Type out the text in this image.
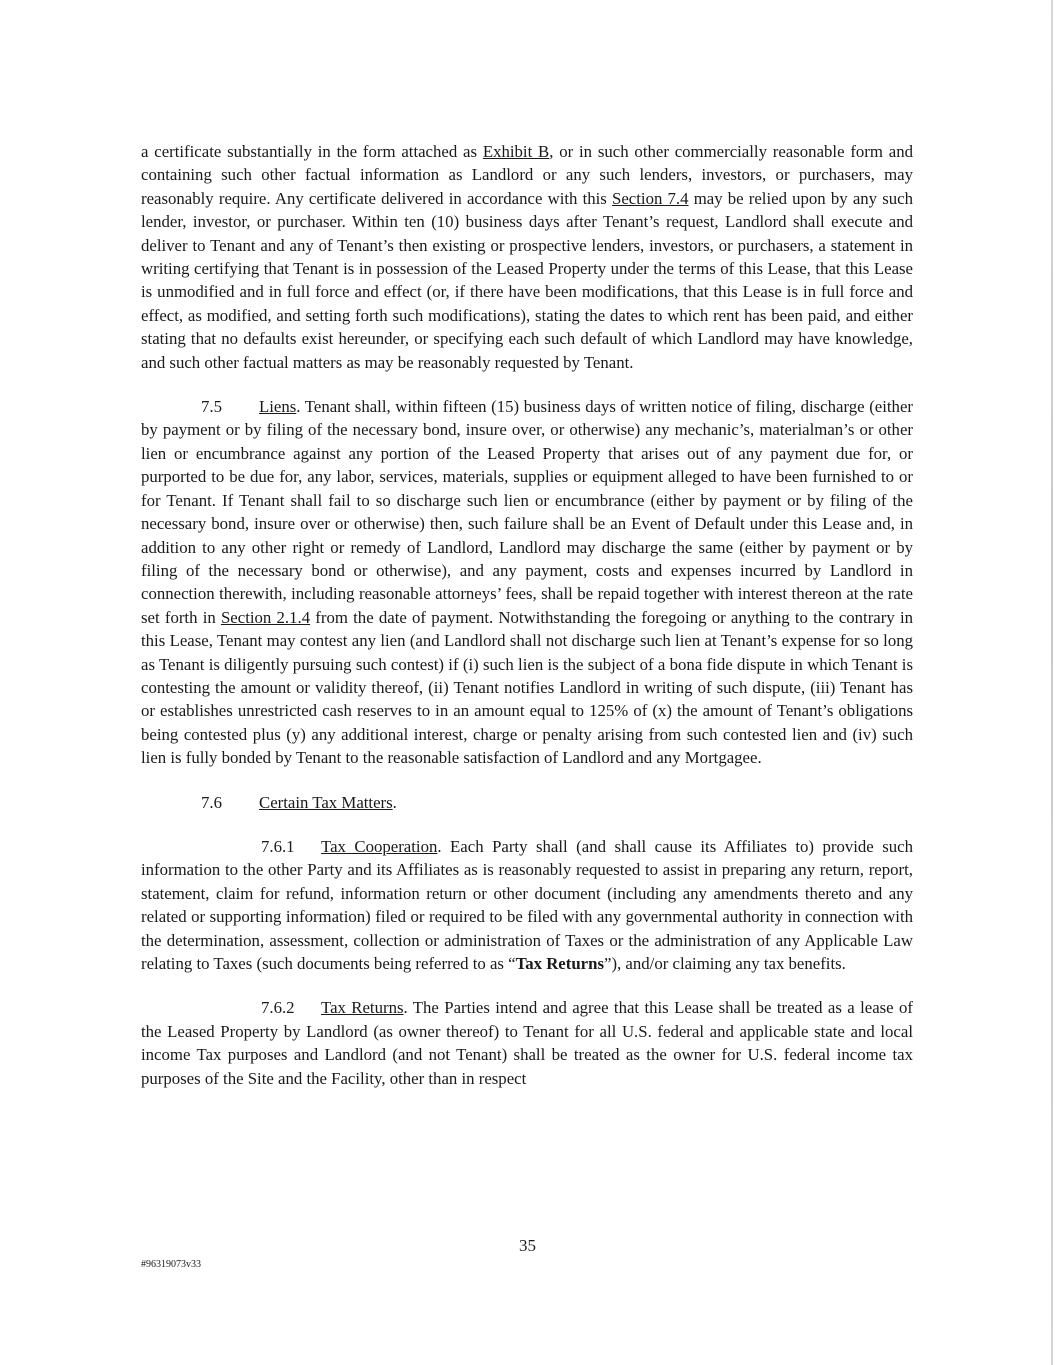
a certificate substantially in the form attached as Exhibit B, or in such other commercially reasonable form and containing such other factual information as Landlord or any such lenders, investors, or purchasers, may reasonably require. Any certificate delivered in accordance with this Section 7.4 may be relied upon by any such lender, investor, or purchaser. Within ten (10) business days after Tenant’s request, Landlord shall execute and deliver to Tenant and any of Tenant’s then existing or prospective lenders, investors, or purchasers, a statement in writing certifying that Tenant is in possession of the Leased Property under the terms of this Lease, that this Lease is unmodified and in full force and effect (or, if there have been modifications, that this Lease is in full force and effect, as modified, and setting forth such modifications), stating the dates to which rent has been paid, and either stating that no defaults exist hereunder, or specifying each such default of which Landlord may have knowledge, and such other factual matters as may be reasonably requested by Tenant.

7.5 Liens. Tenant shall, within fifteen (15) business days of written notice of filing, discharge (either by payment or by filing of the necessary bond, insure over, or otherwise) any mechanic’s, materialman’s or other lien or encumbrance against any portion of the Leased Property that arises out of any payment due for, or purported to be due for, any labor, services, materials, supplies or equipment alleged to have been furnished to or for Tenant. If Tenant shall fail to so discharge such lien or encumbrance (either by payment or by filing of the necessary bond, insure over or otherwise) then, such failure shall be an Event of Default under this Lease and, in addition to any other right or remedy of Landlord, Landlord may discharge the same (either by payment or by filing of the necessary bond or otherwise), and any payment, costs and expenses incurred by Landlord in connection therewith, including reasonable attorneys’ fees, shall be repaid together with interest thereon at the rate set forth in Section 2.1.4 from the date of payment. Notwithstanding the foregoing or anything to the contrary in this Lease, Tenant may contest any lien (and Landlord shall not discharge such lien at Tenant’s expense for so long as Tenant is diligently pursuing such contest) if (i) such lien is the subject of a bona fide dispute in which Tenant is contesting the amount or validity thereof, (ii) Tenant notifies Landlord in writing of such dispute, (iii) Tenant has or establishes unrestricted cash reserves to in an amount equal to 125% of (x) the amount of Tenant’s obligations being contested plus (y) any additional interest, charge or penalty arising from such contested lien and (iv) such lien is fully bonded by Tenant to the reasonable satisfaction of Landlord and any Mortgagee.

7.6 Certain Tax Matters.

7.6.1 Tax Cooperation. Each Party shall (and shall cause its Affiliates to) provide such information to the other Party and its Affiliates as is reasonably requested to assist in preparing any return, report, statement, claim for refund, information return or other document (including any amendments thereto and any related or supporting information) filed or required to be filed with any governmental authority in connection with the determination, assessment, collection or administration of Taxes or the administration of any Applicable Law relating to Taxes (such documents being referred to as “Tax Returns”), and/or claiming any tax benefits.

7.6.2 Tax Returns. The Parties intend and agree that this Lease shall be treated as a lease of the Leased Property by Landlord (as owner thereof) to Tenant for all U.S. federal and applicable state and local income Tax purposes and Landlord (and not Tenant) shall be treated as the owner for U.S. federal income tax purposes of the Site and the Facility, other than in respect

35
#96319073v33
